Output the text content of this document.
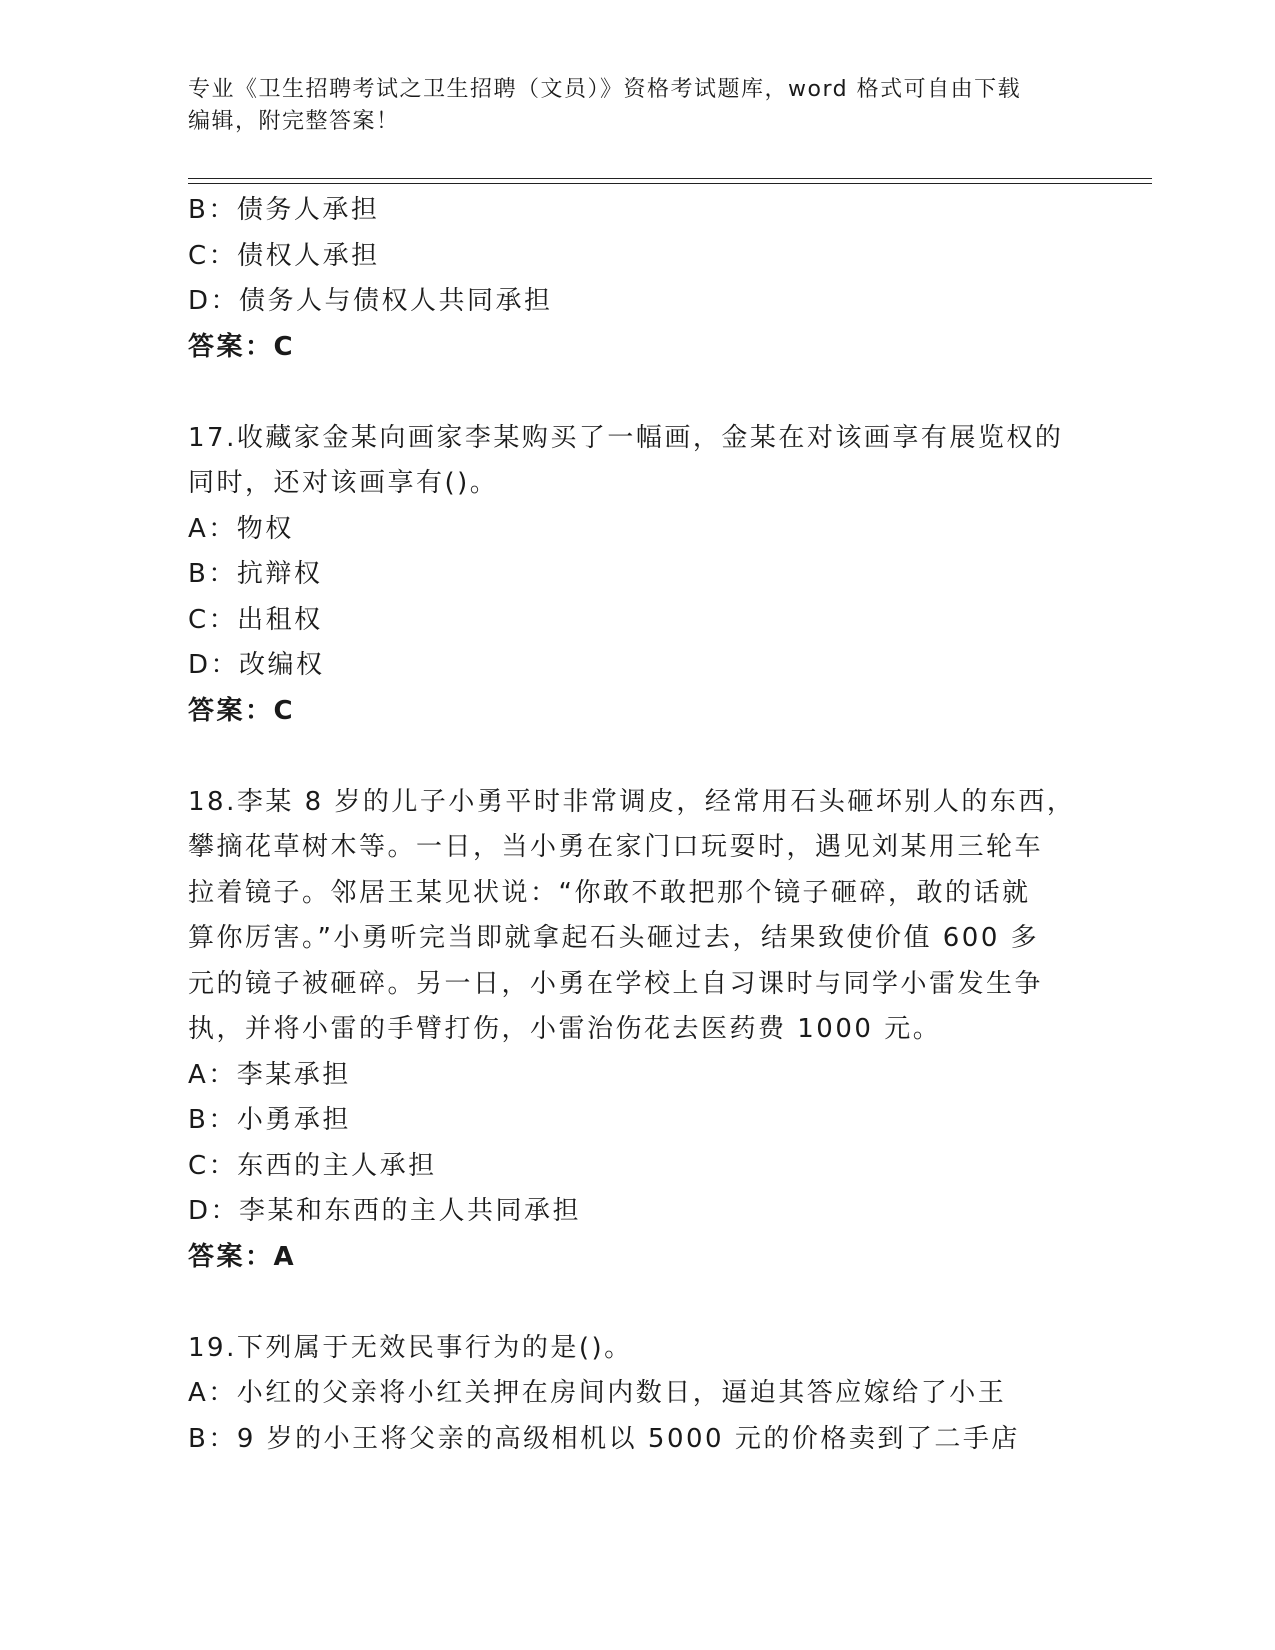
专业《卫生招聘考试之卫生招聘（文员）》资格考试题库，word 格式可自由下载
编辑，附完整答案！
B：债务人承担
C：债权人承担
D：债务人与债权人共同承担
答案：C
17.收藏家金某向画家李某购买了一幅画，金某在对该画享有展览权的
同时，还对该画享有()。
A：物权
B：抗辩权
C：出租权
D：改编权
答案：C
18.李某 8 岁的儿子小勇平时非常调皮，经常用石头砸坏别人的东西，
攀摘花草树木等。一日，当小勇在家门口玩耍时，遇见刘某用三轮车
拉着镜子。邻居王某见状说：“你敢不敢把那个镜子砸碎，敢的话就
算你厉害。”小勇听完当即就拿起石头砸过去，结果致使价值 600 多
元的镜子被砸碎。另一日，小勇在学校上自习课时与同学小雷发生争
执，并将小雷的手臂打伤，小雷治伤花去医药费 1000 元。
A：李某承担
B：小勇承担
C：东西的主人承担
D：李某和东西的主人共同承担
答案：A
19.下列属于无效民事行为的是()。
A：小红的父亲将小红关押在房间内数日，逼迫其答应嫁给了小王
B：9 岁的小王将父亲的高级相机以 5000 元的价格卖到了二手店
